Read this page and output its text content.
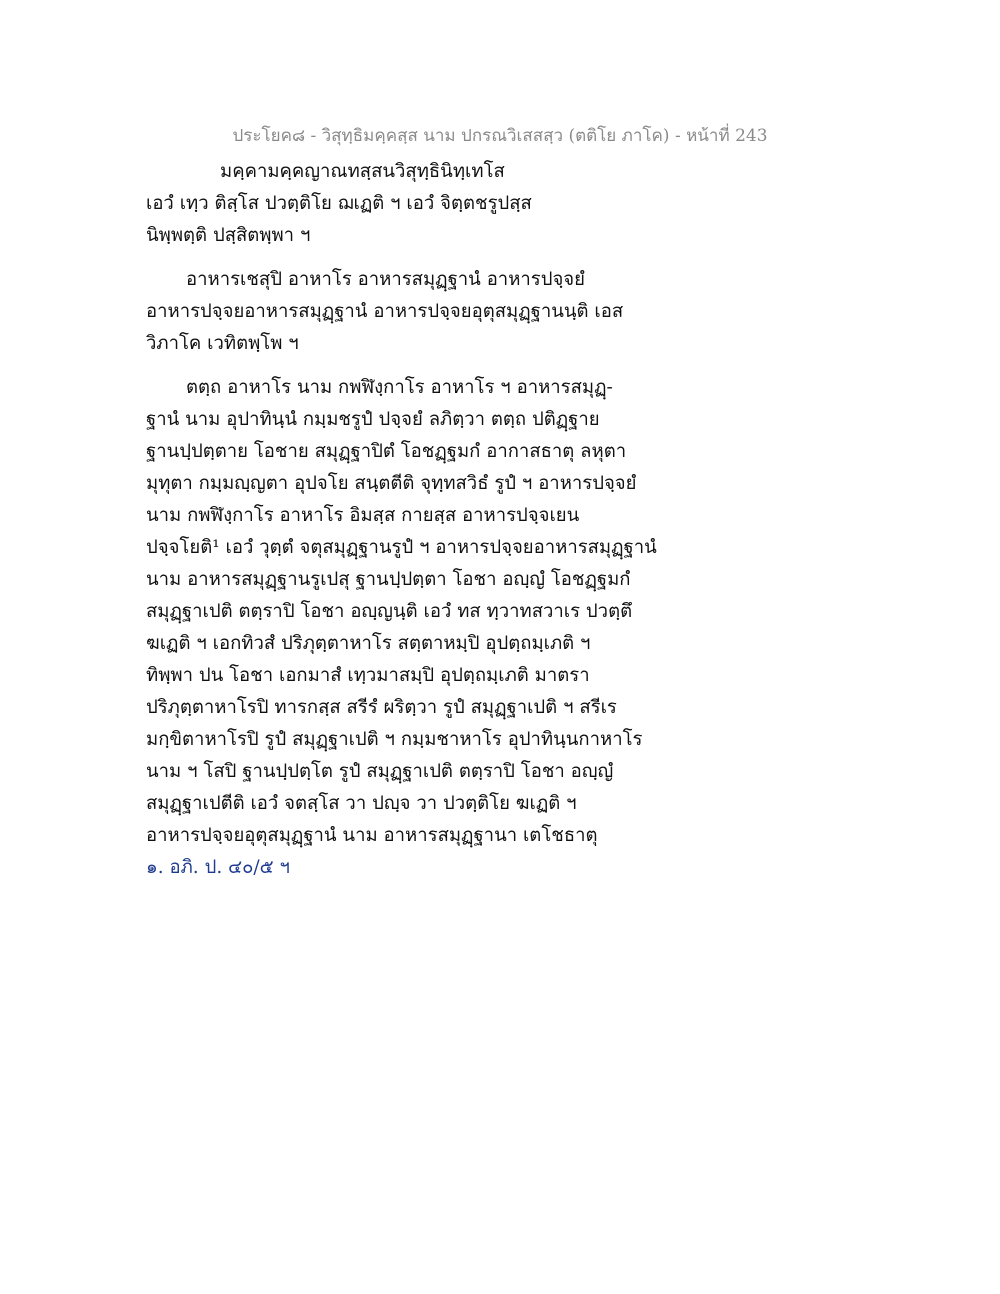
ประโยค๘ - วิสุทฺธิมคฺคสฺส นาม ปกรณวิเสสสฺว (ตติโย ภาโค) - หน้าที่ 243
มคฺคามคฺคญาณทสฺสนวิสุทฺธินิทฺเทโส
เอวํ เทฺว ติสฺโส ปวตฺติโย ฌเฏติ ฯ เอวํ จิตฺตชรูปสฺส
นิพฺพตฺติ ปสฺสิตพฺพา ฯ
อาหารเชสุปิ อาหาโร อาหารสมุฏฺฐานํ อาหารปจฺจยํ
อาหารปจฺจยอาหารสมุฏฺฐานํ อาหารปจฺจยอุตุสมุฏฺฐานนฺติ เอส
วิภาโค เวทิตพฺโพ ฯ
ตตฺถ อาหาโร นาม กพฬิงฺกาโร อาหาโร ฯ อาหารสมุฏฺ-
ฐานํ นาม อุปาทินฺนํ กมฺมชรูปํ ปจฺจยํ ลภิตฺวา ตตฺถ ปติฏฺฐาย
ฐานปฺปตฺตาย โอชาย สมุฏฺฐาปิตํ โอชฏฺฐมกํ อากาสธาตุ ลหุตา
มุทุตา กมฺมญฺญตา อุปจโย สนฺตตีติ จุทฺทสวิธํ รูปํ ฯ อาหารปจฺจยํ
นาม กพฬิงฺกาโร อาหาโร อิมสฺส กายสฺส อาหารปจฺจเยน
ปจฺจโยติ¹ เอวํ วุตฺตํ จตุสมุฏฺฐานรูปํ ฯ อาหารปจฺจยอาหารสมุฏฺฐานํ
นาม อาหารสมุฏฺฐานรูเปสุ ฐานปฺปตฺตา โอชา อญฺญํ โอชฏฺฐมกํ
สมุฏฺฐาเปติ ตตฺราปิ โอชา อญฺญนฺติ เอวํ ทส ทฺวาทสวาเร ปวตฺตึ
ฆเฏติ ฯ เอกทิวสํ ปริภุตฺตาหาโร สตฺตาหมฺปิ อุปตฺถมฺเภติ ฯ
ทิพฺพา ปน โอชา เอกมาสํ เทฺวมาสมฺปิ อุปตฺถมฺเภติ มาตรา
ปริภุตฺตาหาโรปิ ทารกสฺส สรีรํ ผริตฺวา รูปํ สมุฏฺฐาเปติ ฯ สรีเร
มกฺขิตาหาโรปิ รูปํ สมุฏฺฐาเปติ ฯ กมฺมชาหาโร อุปาทินฺนกาหาโร
นาม ฯ โสปิ ฐานปฺปตฺโต รูปํ สมุฏฺฐาเปติ ตตฺราปิ โอชา อญฺญํ
สมุฏฺฐาเปตีติ เอวํ จตสฺโส วา ปญฺจ วา ปวตฺติโย ฆเฏติ ฯ
อาหารปจฺจยอุตุสมุฏฺฐานํ นาม อาหารสมุฏฺฐานา เตโชธาตุ
๑. อภิ. ป. ๔๐/๕ ฯ
